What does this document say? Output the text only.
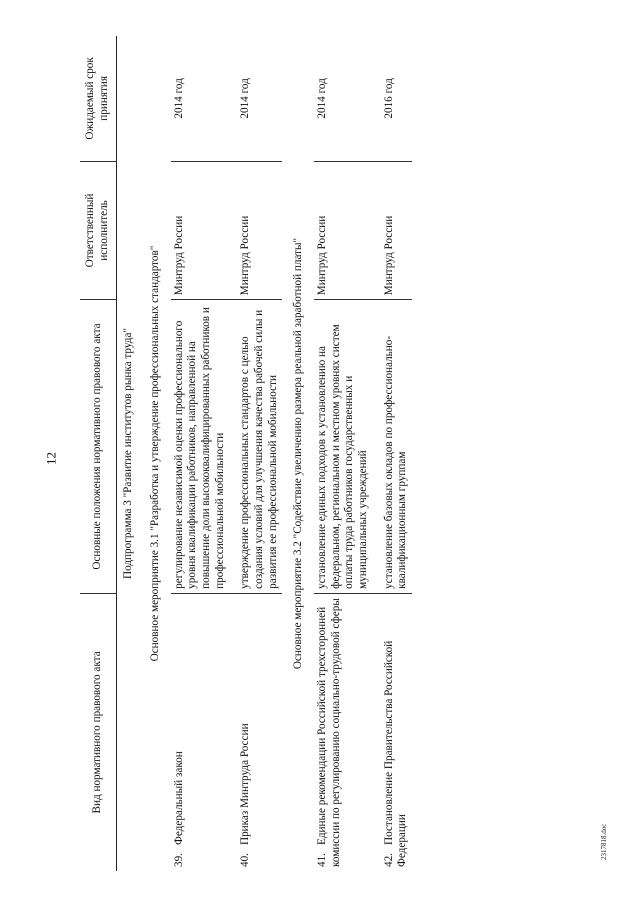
12
Вид нормативного правового акта	Основные положения нормативного правового акта	Ответственный исполнитель	Ожидаемый срок принятия
Подпрограмма 3 "Развитие институтов рынка труда"			
Основное мероприятие 3.1 "Разработка и утверждение профессиональных стандартов"			
39.Федеральный закон	регулирование независимой оценки профессионального уровня квалификации работников, направленной на повышение доли высококвалифицированных работников и профессиональной мобильности	Минтруд России	2014 год
40.Приказ Минтруда России	утверждение профессиональных стандартов с целью создания условий для улучшения качества рабочей силы и развития ее профессиональной мобильности	Минтруд России	2014 год
Основное мероприятие 3.2 "Содействие увеличению размера реальной заработной платы"			
41.Единые рекомендации Российской трехсторонней комиссии по регулированию социально-трудовой сферы	установление единых подходов к установлению на федеральном, региональном и местном уровнях систем оплаты труда работников государственных и муниципальных учреждений	Минтруд России	2014 год
42.Постановление Правительства Российской Федерации	установление базовых окладов по профессионально-квалификационным группам	Минтруд России	2016 год
2317818.doc
